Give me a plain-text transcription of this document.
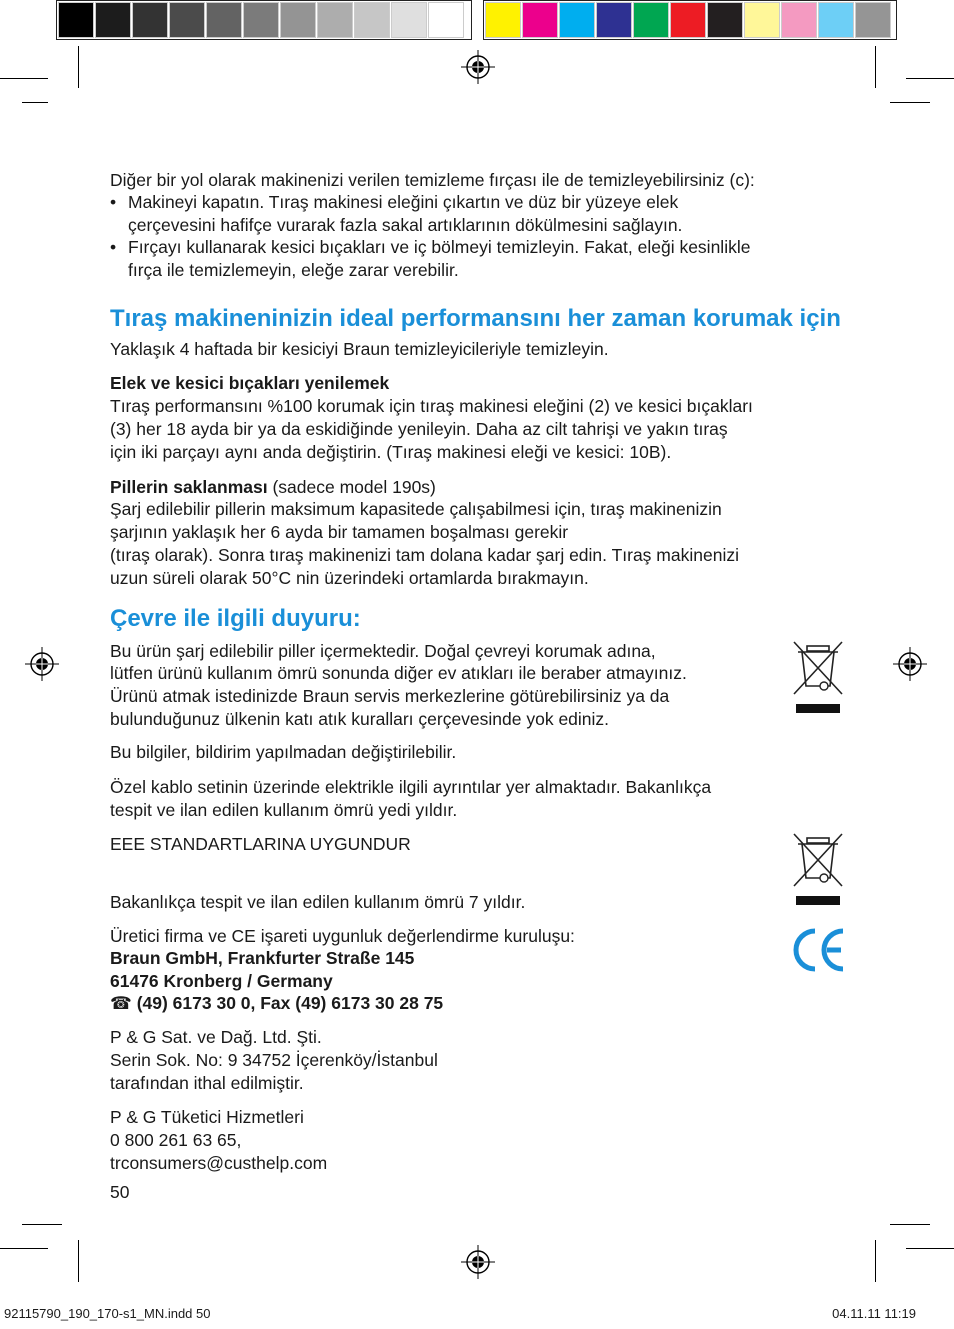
Diğer bir yol olarak makinenizi verilen temizleme fırçası ile de temizleyebilirsiniz (c):
• Makineyi kapatın. Tıraş makinesi eleğini çıkartın ve düz bir yüzeye elek
çerçevesini hafifçe vurarak fazla sakal artıklarının dökülmesini sağlayın.
• Fırçayı kullanarak kesici bıçakları ve iç bölmeyi temizleyin. Fakat, eleği kesinlikle
fırça ile temizlemeyin, eleğe zarar verebilir.
Tıraş makineninizin ideal performansını her zaman korumak için
Yaklaşık 4 haftada bir kesiciyi Braun temizleyicileriyle temizleyin.
Elek ve kesici bıçakları yenilemek
Tıraş performansını %100 korumak için tıraş makinesi eleğini (2) ve kesici bıçakları
(3) her 18 ayda bir ya da eskidiğinde yenileyin. Daha az cilt tahrişi ve yakın tıraş
için iki parçayı aynı anda değiştirin. (Tıraş makinesi eleği ve kesici: 10B).
Pillerin saklanması (sadece model 190s)
Şarj edilebilir pillerin maksimum kapasitede çalışabilmesi için, tıraş makinenizin
şarjının yaklaşık her 6 ayda bir tamamen boşalması gerekir
(tıraş olarak). Sonra tıraş makinenizi tam dolana kadar şarj edin. Tıraş makinenizi
uzun süreli olarak 50°C nin üzerindeki ortamlarda bırakmayın.
Çevre ile ilgili duyuru:
Bu ürün şarj edilebilir piller içermektedir. Doğal çevreyi korumak adına,
lütfen ürünü kullanım ömrü sonunda diğer ev atıkları ile beraber atmayınız.
Ürünü atmak istedinizde Braun servis merkezlerine götürebilirsiniz ya da
bulunduğunuz ülkenin katı atık kuralları çerçevesinde yok ediniz.
Bu bilgiler, bildirim yapılmadan değiştirilebilir.
Özel kablo setinin üzerinde elektrikle ilgili ayrıntılar yer almaktadır. Bakanlıkça
tespit ve ilan edilen kullanım ömrü yedi yıldır.
EEE STANDARTLARINA UYGUNDUR
Bakanlıkça tespit ve ilan edilen kullanım ömrü 7 yıldır.
Üretici firma ve CE işareti uygunluk değerlendirme kuruluşu:
Braun GmbH, Frankfurter Straße 145
61476 Kronberg / Germany
☎ (49) 6173 30 0, Fax (49) 6173 30 28 75
P & G Sat. ve Dağ. Ltd. Şti.
Serin Sok. No: 9 34752 İçerenköy/İstanbul
tarafından ithal edilmiştir.
P & G Tüketici Hizmetleri
0 800 261 63 65,
trconsumers@custhelp.com
50
92115790_190_170-s1_MN.indd 50	04.11.11 11:19
